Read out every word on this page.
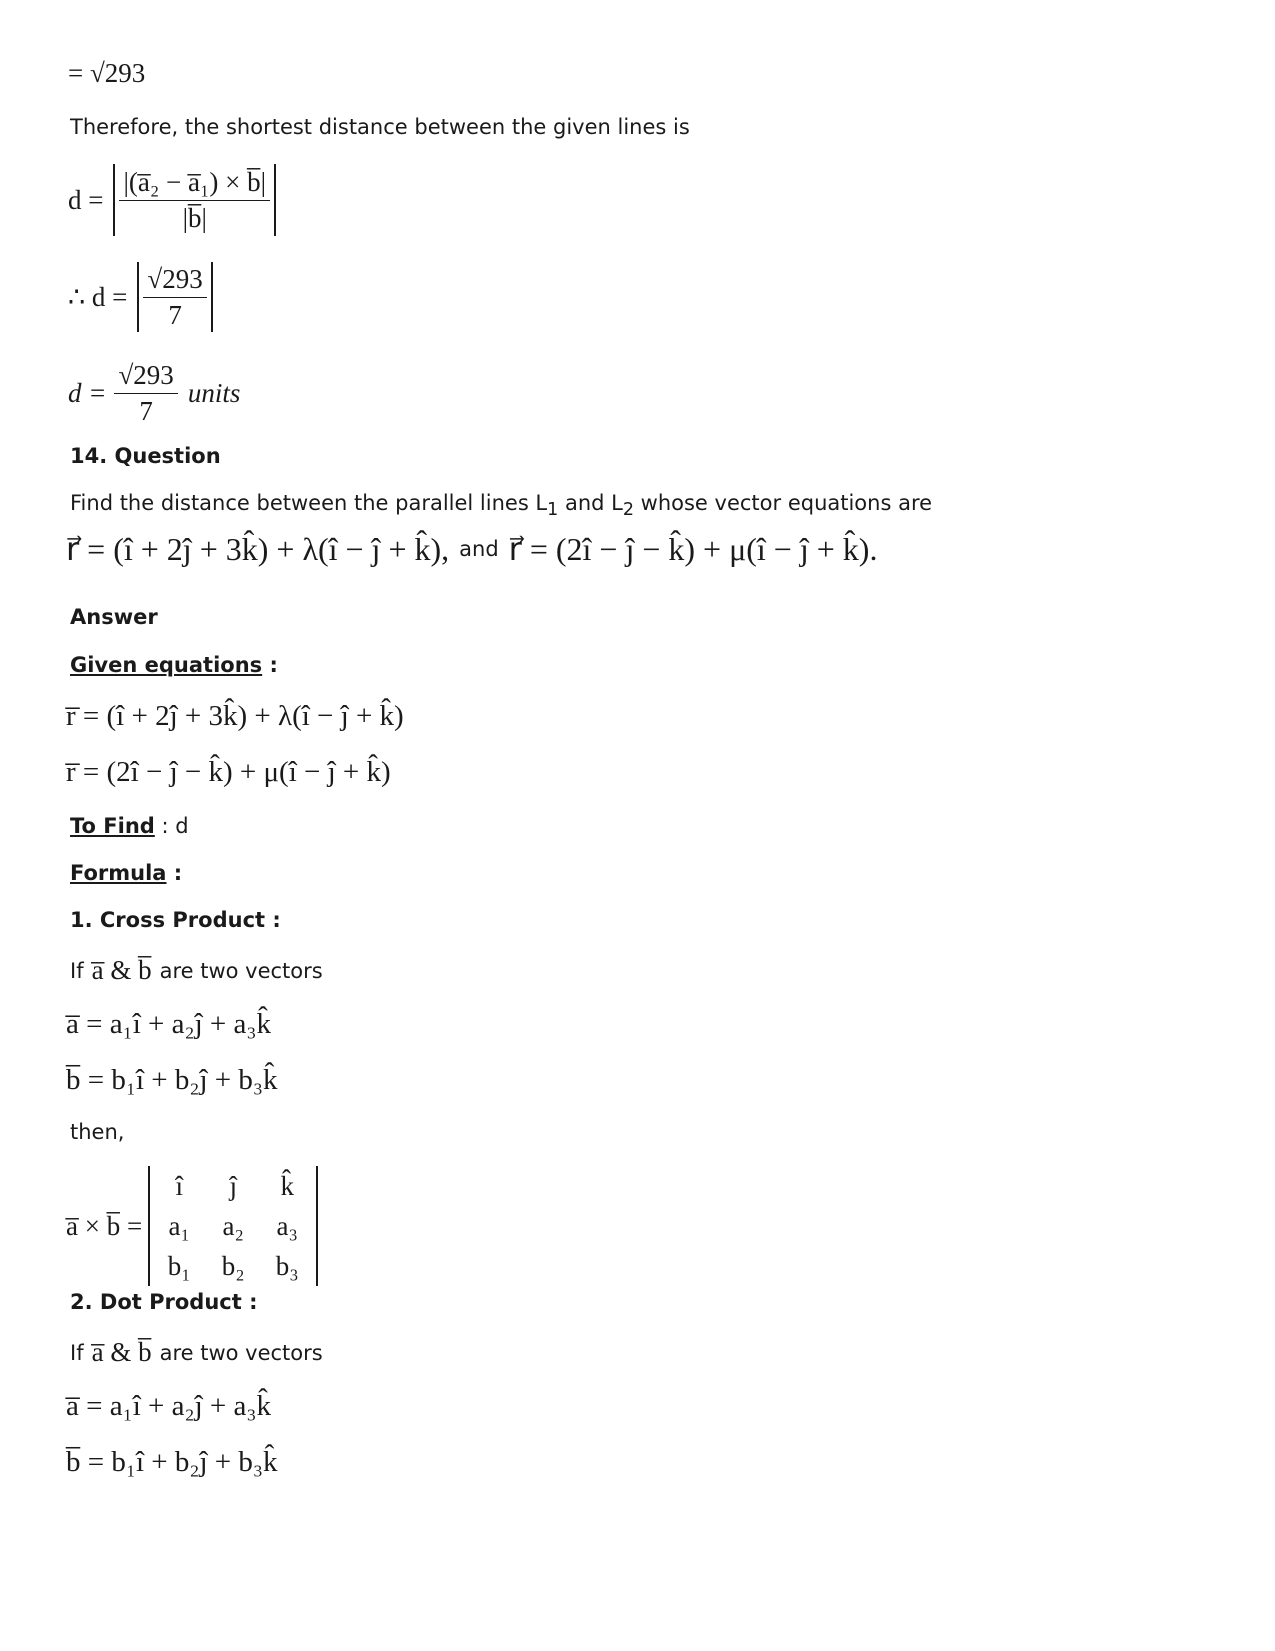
= √293
Therefore, the shortest distance between the given lines is
$d = \frac{\text{|(a̅₂ − a̅₁) × b̅|}}{|b̅|}$
∴ $d = \frac{√293}{7}$
$d = \frac{√293}{7}$ units
14. Question
Find the distance between the parallel lines $L_1$ and $L_2$ whose vector equations are
r⃗ = (î + 2ĵ + 3k̂) + λ(î − ĵ + k̂), and r⃗ = (2î − ĵ − k̂) + μ(î − ĵ + k̂).
Answer
Given equations :
r̅ = (î + 2ĵ + 3k̂) + λ(î − ĵ + k̂)
r̅ = (2î − ĵ − k̂) + μ(î − ĵ + k̂)
To Find : d
Formula :
1. Cross Product :
If a̅ & b̅ are two vectors
a̅ = a₁î + a₂ĵ + a₃k̂
b̅ = b₁î + b₂ĵ + b₃k̂
then,
a̅ × b̅ =
î	ĵ	k̂
a₁	a₂	a₃
b₁	b₂	b₃
2. Dot Product :
If a̅ & b̅ are two vectors
a̅ = a₁î + a₂ĵ + a₃k̂
b̅ = b₁î + b₂ĵ + b₃k̂
